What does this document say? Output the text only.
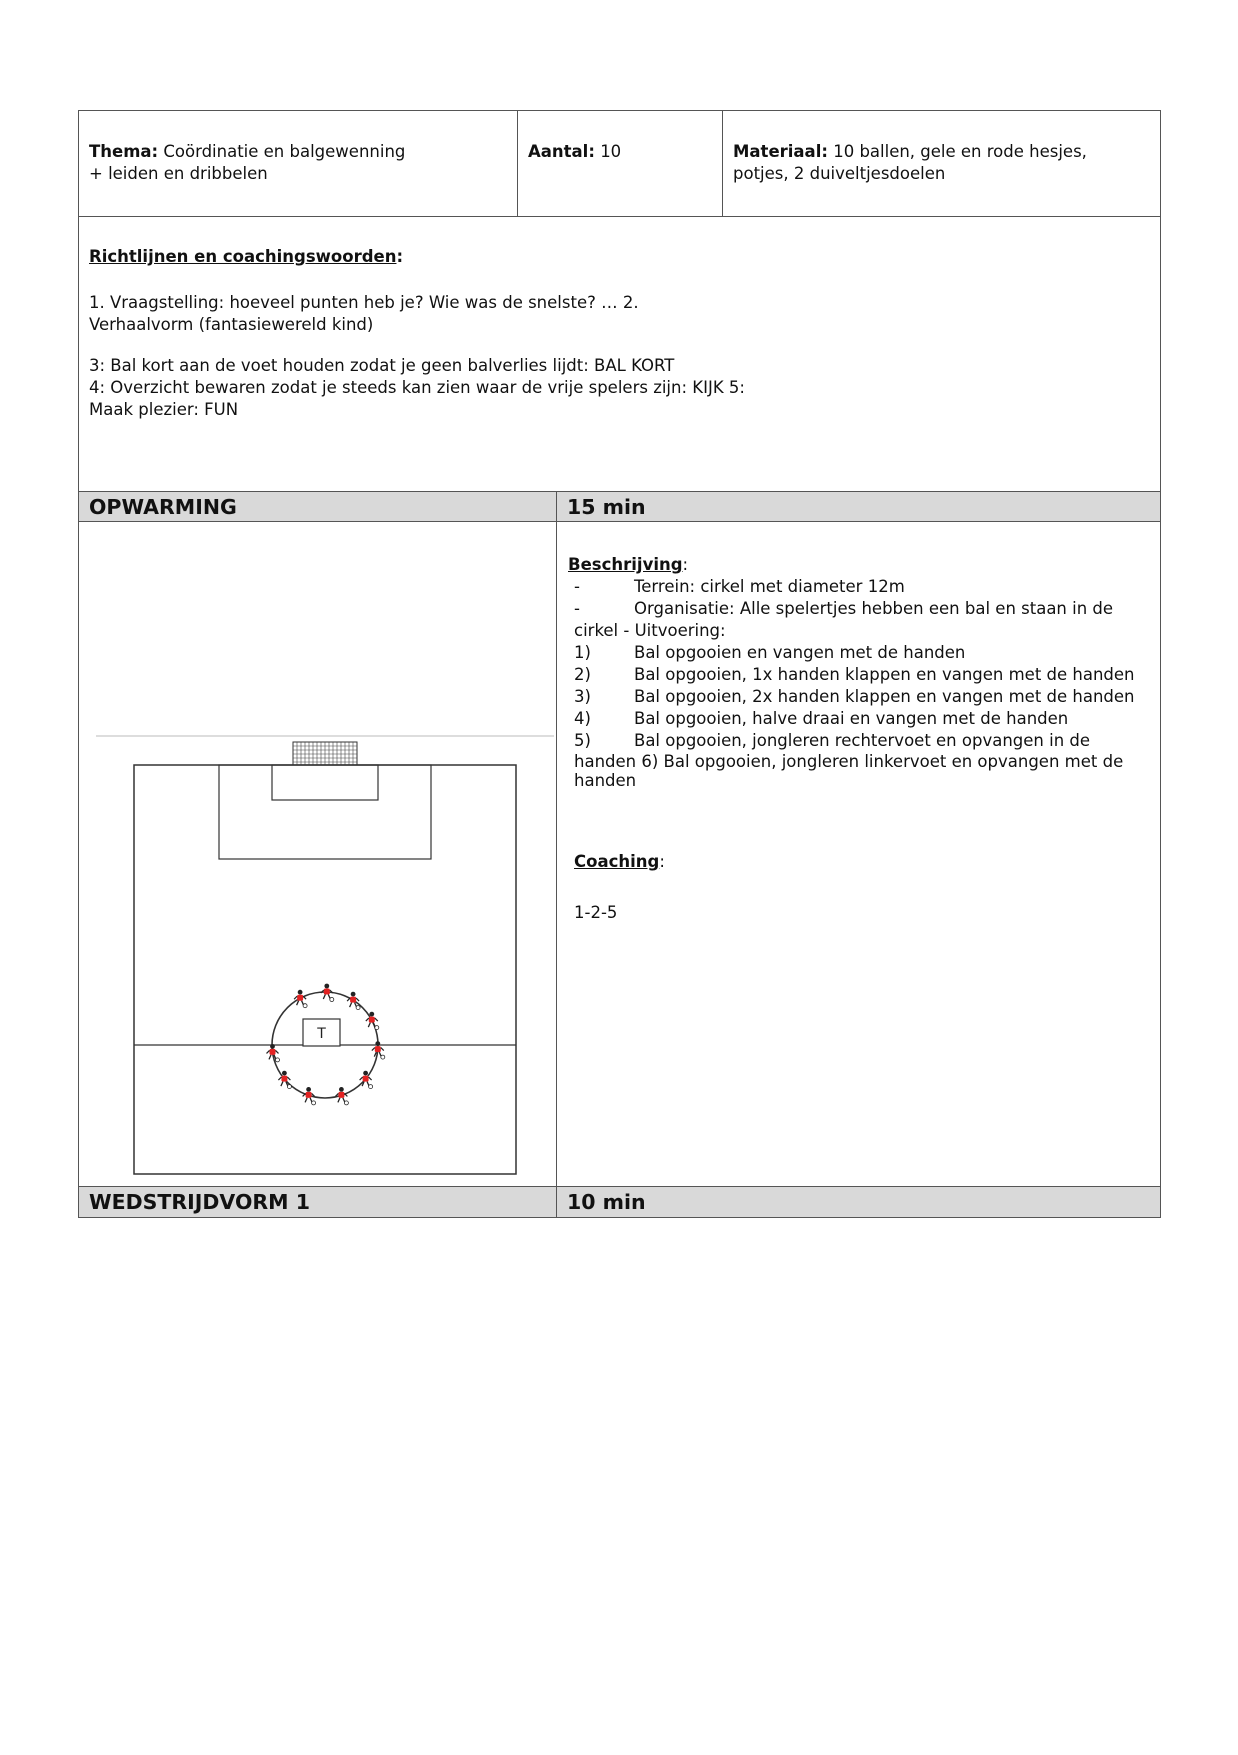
Thema: Coördinatie en balgewenning
+ leiden en dribbelen
Aantal: 10	Materiaal: 10 ballen, gele en rode hesjes,
potjes, 2 duiveltjesdoelen
Richtlijnen en coachingswoorden:

1. Vraagstelling: hoeveel punten heb je? Wie was de snelste? … 2.

Verhaalvorm (fantasiewereld kind)

3: Bal kort aan de voet houden zodat je geen balverlies lijdt: BAL KORT

4: Overzicht bewaren zodat je steeds kan zien waar de vrije spelers zijn: KIJK 5:

Maak plezier: FUN

OPWARMING	15 min
T
Beschrijving:
-	Terrein: cirkel met diameter 12m
-	Organisatie: Alle spelertjes hebben een bal en staan in de
cirkel - Uitvoering:
1)	Bal opgooien en vangen met de handen
2)	Bal opgooien, 1x handen klappen en vangen met de handen
3)	Bal opgooien, 2x handen klappen en vangen met de handen
4)	Bal opgooien, halve draai en vangen met de handen
5)	Bal opgooien, jongleren rechtervoet en opvangen in de
handen 6) Bal opgooien, jongleren linkervoet en opvangen met de
handen
Coaching:
1-2-5
WEDSTRIJDVORM 1	10 min
